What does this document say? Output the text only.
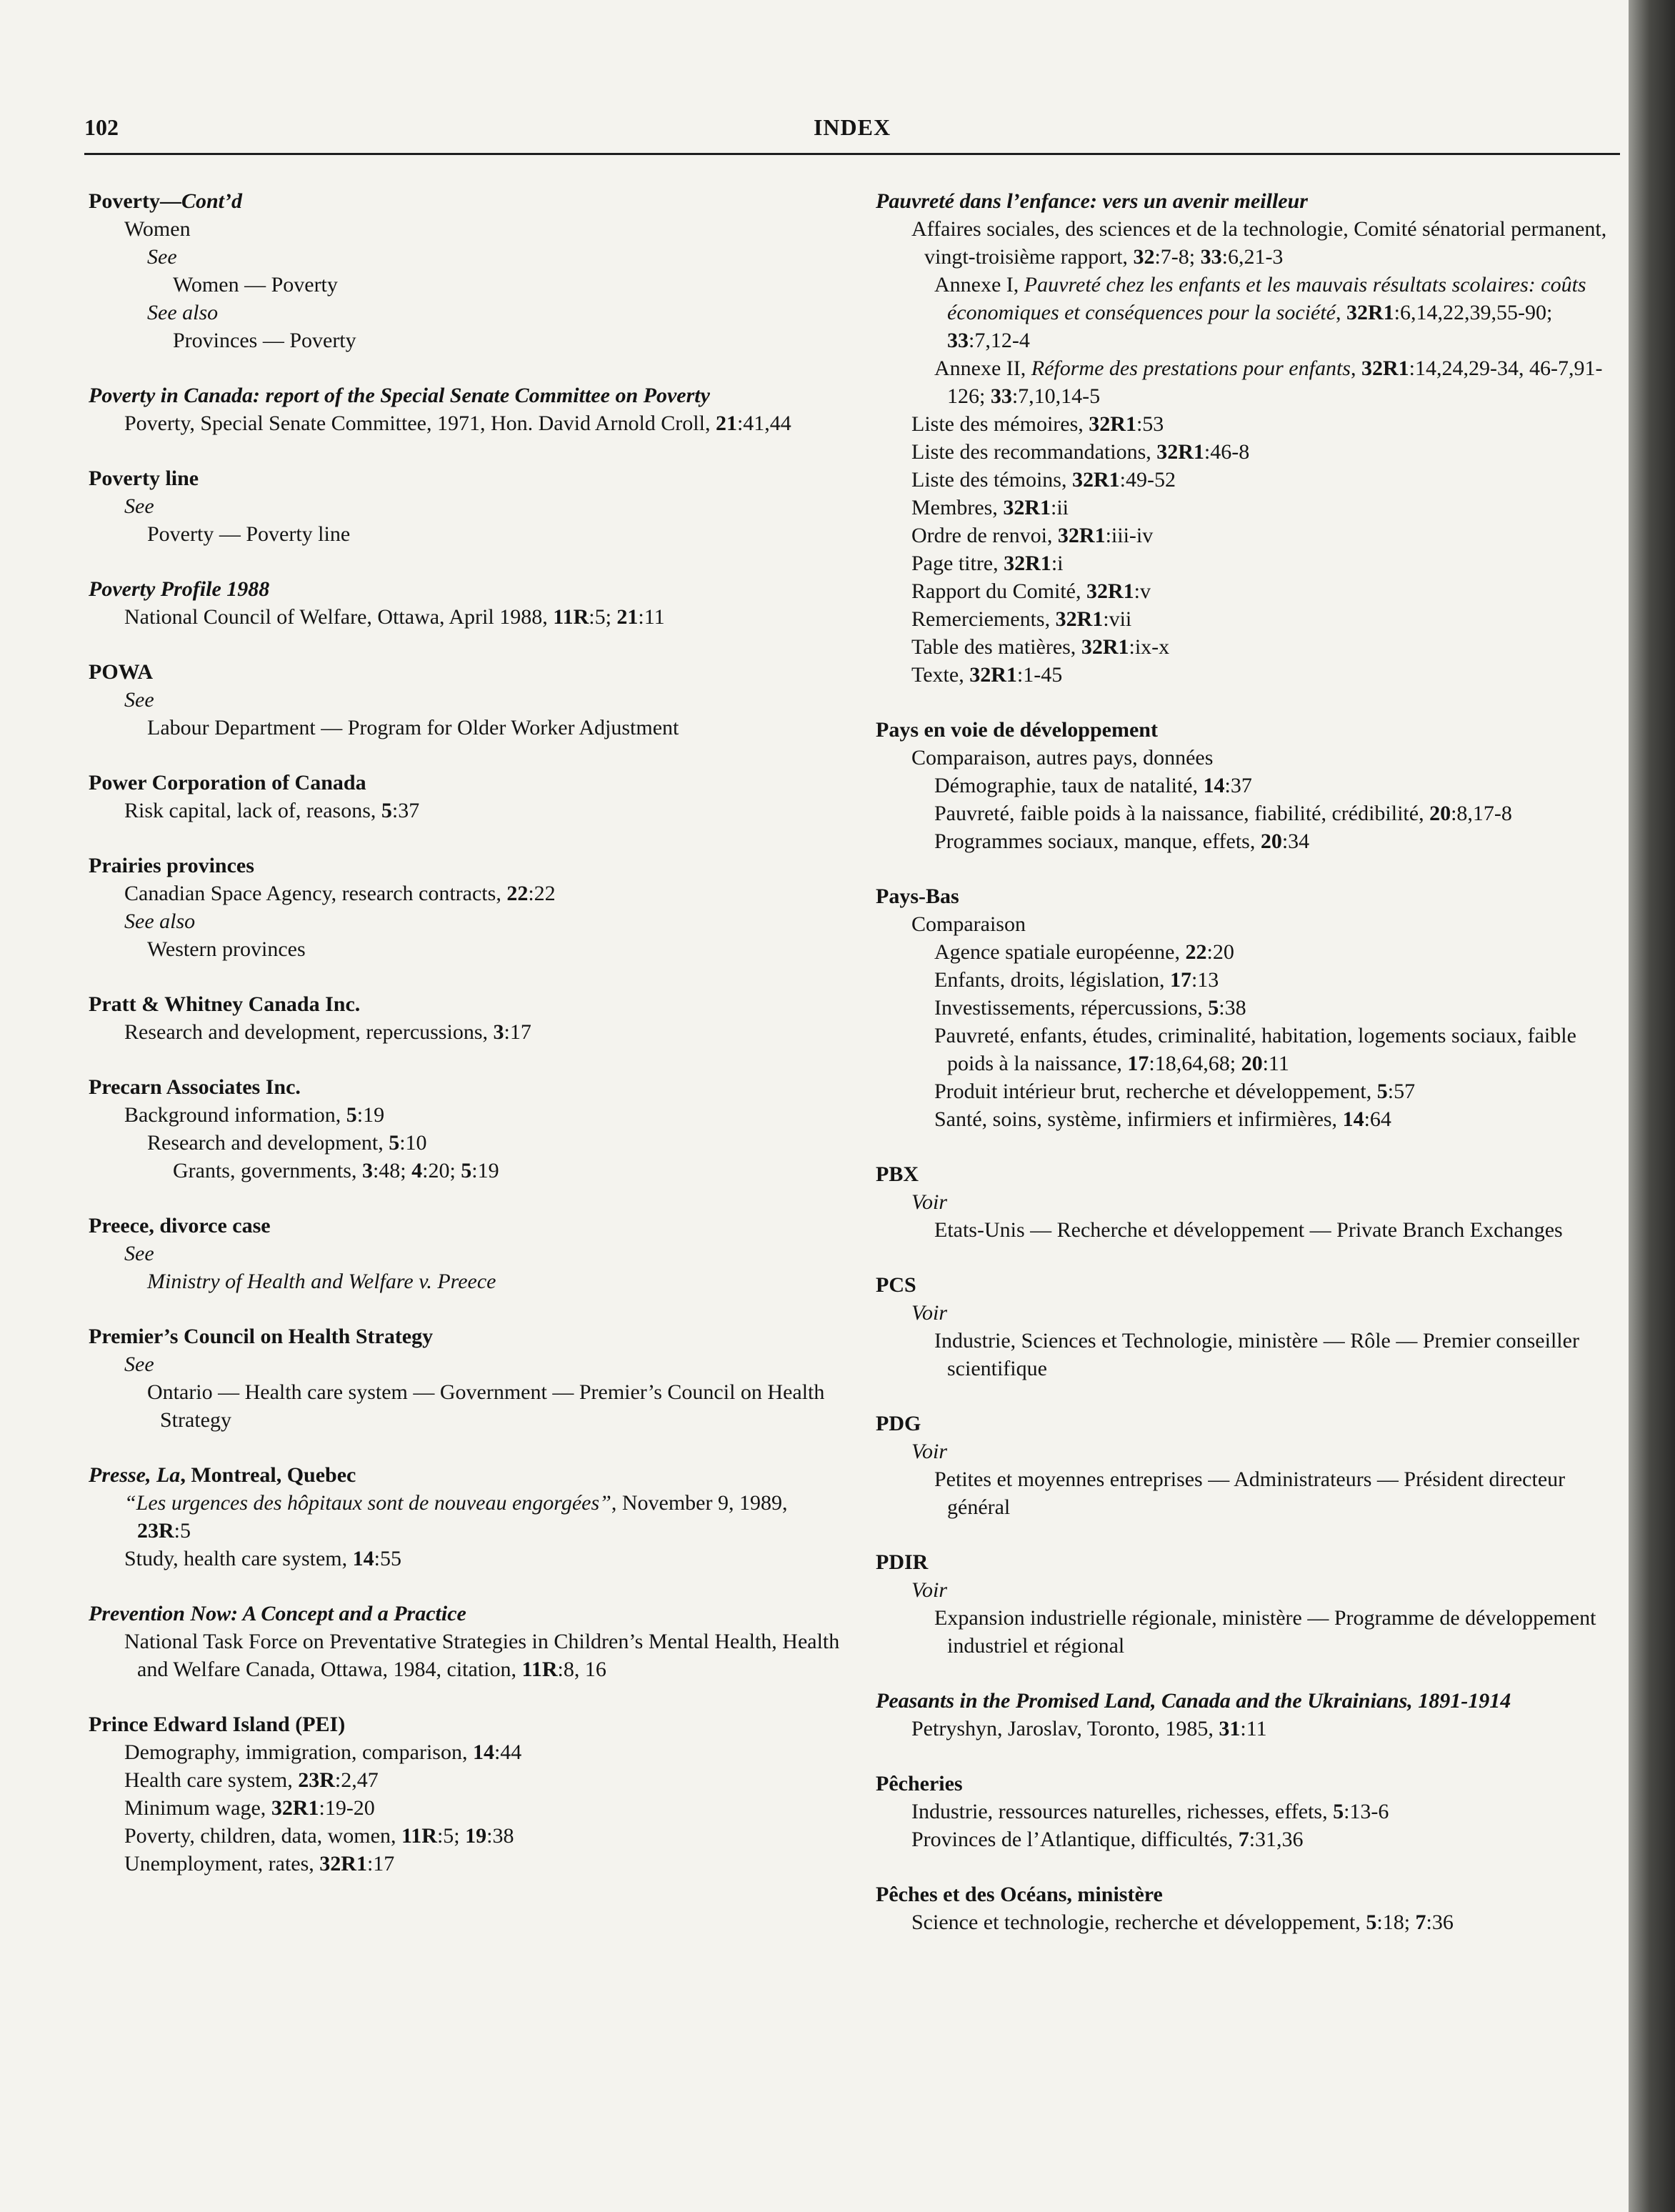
102	INDEX
Poverty—Cont’d
Women
See
Women — Poverty
See also
Provinces — Poverty
Poverty in Canada: report of the Special Senate Committee on Poverty
Poverty, Special Senate Committee, 1971, Hon. David Arnold Croll, 21:41,44
Poverty line
See
Poverty — Poverty line
Poverty Profile 1988
National Council of Welfare, Ottawa, April 1988, 11R:5; 21:11
POWA
See
Labour Department — Program for Older Worker Adjustment
Power Corporation of Canada
Risk capital, lack of, reasons, 5:37
Prairies provinces
Canadian Space Agency, research contracts, 22:22
See also
Western provinces
Pratt & Whitney Canada Inc.
Research and development, repercussions, 3:17
Precarn Associates Inc.
Background information, 5:19
Research and development, 5:10
Grants, governments, 3:48; 4:20; 5:19
Preece, divorce case
See
Ministry of Health and Welfare v. Preece
Premier’s Council on Health Strategy
See
Ontario — Health care system — Government — Premier’s Council on Health Strategy
Presse, La, Montreal, Quebec
“Les urgences des hôpitaux sont de nouveau engorgées”, November 9, 1989, 23R:5
Study, health care system, 14:55
Prevention Now: A Concept and a Practice
National Task Force on Preventative Strategies in Children’s Mental Health, Health and Welfare Canada, Ottawa, 1984, citation, 11R:8, 16
Prince Edward Island (PEI)
Demography, immigration, comparison, 14:44
Health care system, 23R:2,47
Minimum wage, 32R1:19-20
Poverty, children, data, women, 11R:5; 19:38
Unemployment, rates, 32R1:17
Pauvreté dans l’enfance: vers un avenir meilleur
Affaires sociales, des sciences et de la technologie, Comité sénatorial permanent, vingt-troisième rapport, 32:7-8; 33:6,21-3
Annexe I, Pauvreté chez les enfants et les mauvais résultats scolaires: coûts économiques et conséquences pour la société, 32R1:6,14,22,39,55-90; 33:7,12-4
Annexe II, Réforme des prestations pour enfants, 32R1:14,24,29-34, 46-7,91-126; 33:7,10,14-5
Liste des mémoires, 32R1:53
Liste des recommandations, 32R1:46-8
Liste des témoins, 32R1:49-52
Membres, 32R1:ii
Ordre de renvoi, 32R1:iii-iv
Page titre, 32R1:i
Rapport du Comité, 32R1:v
Remerciements, 32R1:vii
Table des matières, 32R1:ix-x
Texte, 32R1:1-45
Pays en voie de développement
Comparaison, autres pays, données
Démographie, taux de natalité, 14:37
Pauvreté, faible poids à la naissance, fiabilité, crédibilité, 20:8,17-8
Programmes sociaux, manque, effets, 20:34
Pays-Bas
Comparaison
Agence spatiale européenne, 22:20
Enfants, droits, législation, 17:13
Investissements, répercussions, 5:38
Pauvreté, enfants, études, criminalité, habitation, logements sociaux, faible poids à la naissance, 17:18,64,68; 20:11
Produit intérieur brut, recherche et développement, 5:57
Santé, soins, système, infirmiers et infirmières, 14:64
PBX
Voir
Etats-Unis — Recherche et développement — Private Branch Exchanges
PCS
Voir
Industrie, Sciences et Technologie, ministère — Rôle — Premier conseiller scientifique
PDG
Voir
Petites et moyennes entreprises — Administrateurs — Président directeur général
PDIR
Voir
Expansion industrielle régionale, ministère — Programme de développement industriel et régional
Peasants in the Promised Land, Canada and the Ukrainians, 1891-1914
Petryshyn, Jaroslav, Toronto, 1985, 31:11
Pêcheries
Industrie, ressources naturelles, richesses, effets, 5:13-6
Provinces de l’Atlantique, difficultés, 7:31,36
Pêches et des Océans, ministère
Science et technologie, recherche et développement, 5:18; 7:36
